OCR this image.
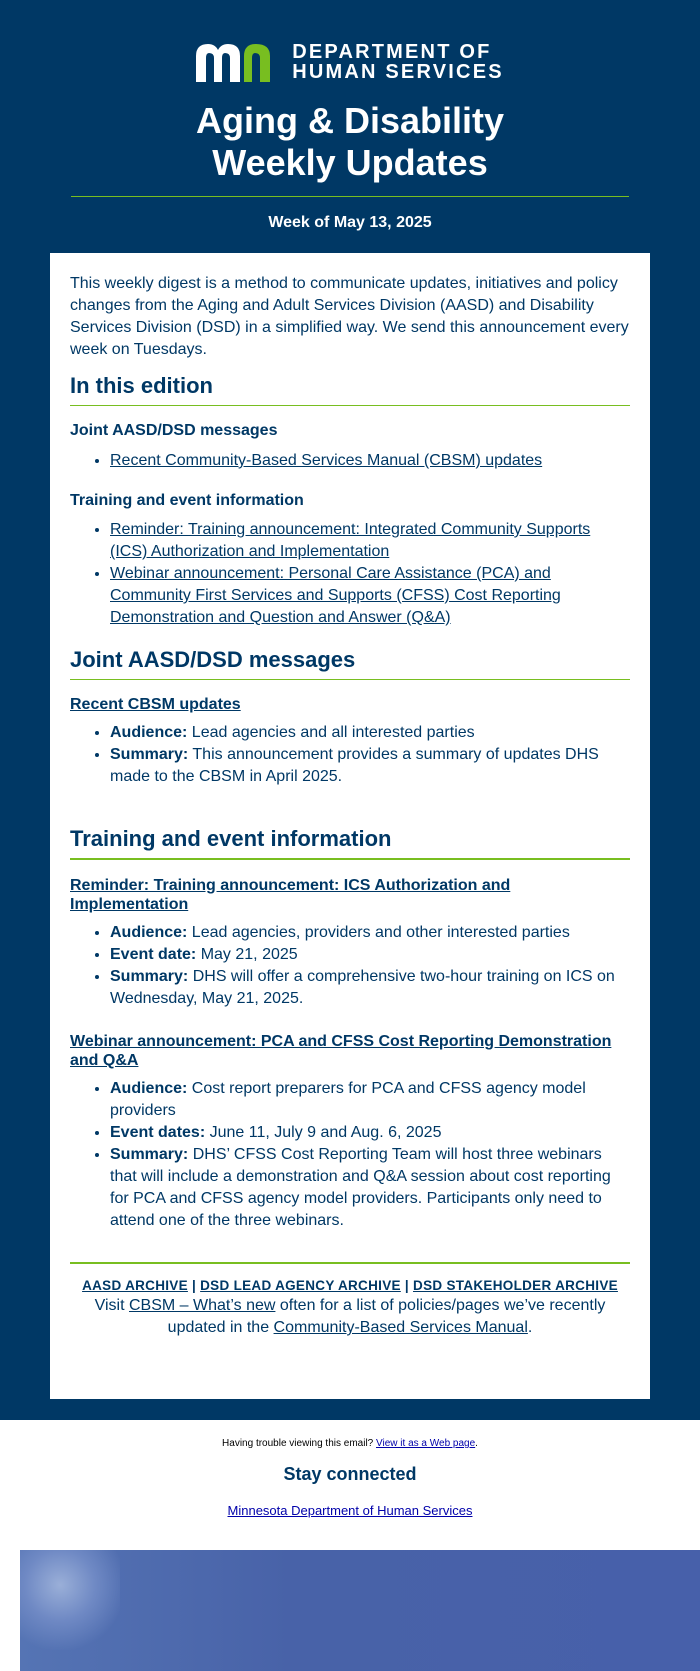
DEPARTMENT OF
HUMAN SERVICES
Aging & Disability
Weekly Updates
Week of May 13, 2025

This weekly digest is a method to communicate updates, initiatives and policy changes from the Aging and Adult Services Division (AASD) and Disability Services Division (DSD) in a simplified way. We send this announcement every week on Tuesdays.

In this edition
Joint AASD/DSD messages
• Recent Community-Based Services Manual (CBSM) updates
Training and event information
• Reminder: Training announcement: Integrated Community Supports (ICS) Authorization and Implementation
• Webinar announcement: Personal Care Assistance (PCA) and Community First Services and Supports (CFSS) Cost Reporting Demonstration and Question and Answer (Q&A)
Joint AASD/DSD messages
Recent CBSM updates
• Audience: Lead agencies and all interested parties
• Summary: This announcement provides a summary of updates DHS made to the CBSM in April 2025.
Training and event information
Reminder: Training announcement: ICS Authorization and Implementation
• Audience: Lead agencies, providers and other interested parties
• Event date: May 21, 2025
• Summary: DHS will offer a comprehensive two-hour training on ICS on Wednesday, May 21, 2025.
Webinar announcement: PCA and CFSS Cost Reporting Demonstration and Q&A
• Audience: Cost report preparers for PCA and CFSS agency model providers
• Event dates: June 11, July 9 and Aug. 6, 2025
• Summary: DHS’ CFSS Cost Reporting Team will host three webinars that will include a demonstration and Q&A session about cost reporting for PCA and CFSS agency model providers. Participants only need to attend one of the three webinars.
AASD ARCHIVE | DSD LEAD AGENCY ARCHIVE | DSD STAKEHOLDER ARCHIVE
Visit CBSM – What’s new often for a list of policies/pages we’ve recently updated in the Community-Based Services Manual.
Having trouble viewing this email? View it as a Web page.
Stay connected
Minnesota Department of Human Services
